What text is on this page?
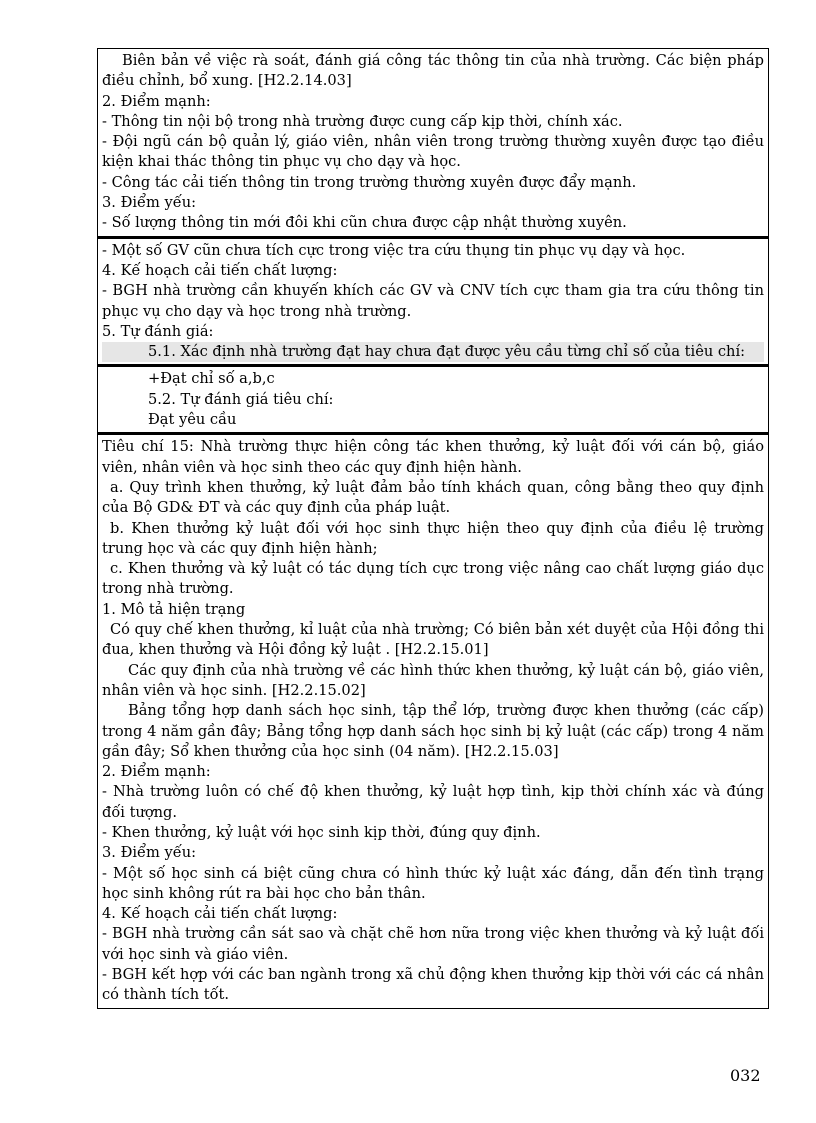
Biên bản về việc rà soát, đánh giá công tác thông tin của nhà trường. Các biện pháp điều chỉnh, bổ xung. [H2.2.14.03]

2. Điểm mạnh:

- Thông tin nội bộ trong nhà trường được cung cấp kịp thời, chính xác.

- Đội ngũ cán bộ quản lý, giáo viên, nhân viên trong trường thường xuyên được tạo điều kiện khai thác thông tin phục vụ cho dạy và học.

- Công tác cải tiến thông tin trong trường thường xuyên được đẩy mạnh.

3. Điểm yếu:

- Số lượng thông tin mới đôi khi cũn chưa được cập nhật thường xuyên.

- Một số GV cũn chưa tích cực trong việc tra cứu thụng tin phục vụ dạy và học.

4. Kế hoạch cải tiến chất lượng:

- BGH nhà trường cần khuyến khích các GV và CNV tích cực tham gia tra cứu thông tin phục vụ cho dạy và học trong nhà trường.

5. Tự đánh giá:

5.1. Xác định nhà trường đạt hay chưa đạt được yêu cầu từng chỉ số của tiêu chí:

+Đạt chỉ số a,b,c

5.2. Tự đánh giá tiêu chí:

Đạt yêu cầu

Tiêu chí 15: Nhà trường thực hiện công tác khen thưởng, kỷ luật đối với cán bộ, giáo viên, nhân viên và học sinh theo các quy định hiện hành.

a. Quy trình khen thưởng, kỷ luật đảm bảo tính khách quan, công bằng theo quy định của Bộ GD& ĐT và các quy định của pháp luật.

b. Khen thưởng kỷ luật đối với học sinh thực hiện theo quy định của điều lệ trường trung học và các quy định hiện hành;

c. Khen thưởng và kỷ luật có tác dụng tích cực trong việc nâng cao chất lượng giáo dục trong nhà trường.

1. Mô tả hiện trạng

Có quy chế khen thưởng, kỉ luật của nhà trường; Có biên bản xét duyệt của Hội đồng thi đua, khen thưởng và Hội đồng kỷ luật . [H2.2.15.01]

Các quy định của nhà trường về các hình thức khen thưởng, kỷ luật cán bộ, giáo viên, nhân viên và học sinh. [H2.2.15.02]

Bảng tổng hợp danh sách học sinh, tập thể lớp, trường được khen thưởng (các cấp) trong 4 năm gần đây; Bảng tổng hợp danh sách học sinh bị kỷ luật (các cấp) trong 4 năm gần đây; Sổ khen thưởng của học sinh (04 năm). [H2.2.15.03]

2. Điểm mạnh:

- Nhà trường luôn có chế độ khen thưởng, kỷ luật hợp tình, kịp thời chính xác và đúng đối tượng.

- Khen thưởng, kỷ luật với học sinh kịp thời, đúng quy định.

3. Điểm yếu:

- Một số học sinh cá biệt cũng chưa có hình thức kỷ luật xác đáng, dẫn đến tình trạng học sinh không rút ra bài học cho bản thân.

4. Kế hoạch cải tiến chất lượng:

- BGH nhà trường cần sát sao và chặt chẽ hơn nữa trong việc khen thưởng và kỷ luật đối với học sinh và giáo viên.

- BGH kết hợp với các ban ngành trong xã chủ động khen thưởng kịp thời với các cá nhân có thành tích tốt.

032
